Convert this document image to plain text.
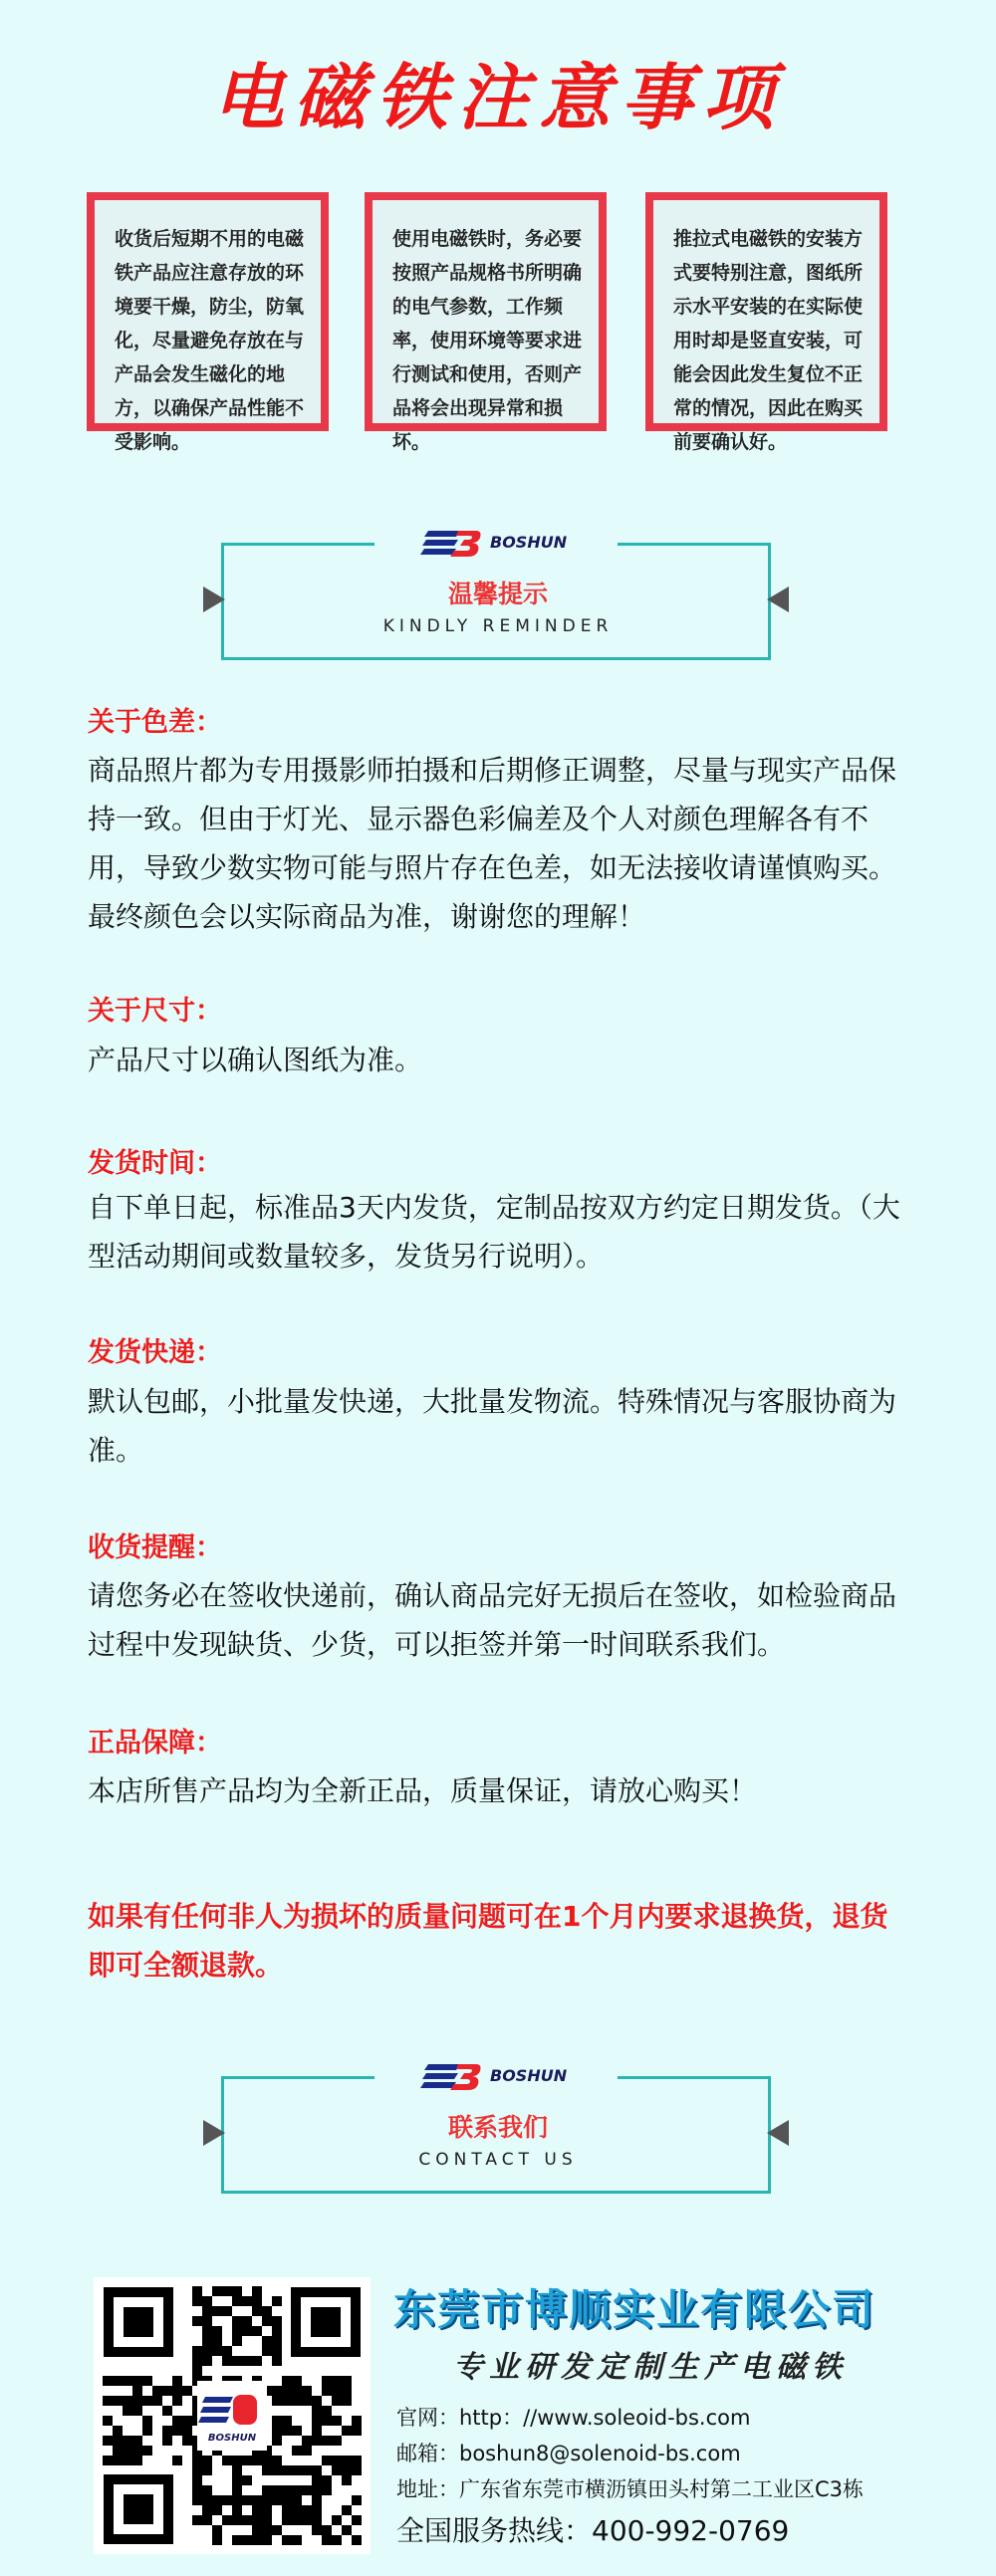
电磁铁注意事项
收货后短期不用的电磁铁产品应注意存放的环境要干燥，防尘，防氧化，尽量避免存放在与产品会发生磁化的地方，以确保产品性能不受影响。
使用电磁铁时，务必要按照产品规格书所明确的电气参数，工作频率，使用环境等要求进行测试和使用，否则产品将会出现异常和损坏。
推拉式电磁铁的安装方式要特别注意，图纸所示水平安装的在实际使用时却是竖直安装，可能会因此发生复位不正常的情况，因此在购买前要确认好。
BOSHUN
温馨提示
KINDLY REMINDER
关于色差：
商品照片都为专用摄影师拍摄和后期修正调整，尽量与现实产品保持一致。但由于灯光、显示器色彩偏差及个人对颜色理解各有不用，导致少数实物可能与照片存在色差，如无法接收请谨慎购买。最终颜色会以实际商品为准，谢谢您的理解！
关于尺寸：
产品尺寸以确认图纸为准。
发货时间：
自下单日起，标准品3天内发货，定制品按双方约定日期发货。（大型活动期间或数量较多，发货另行说明）。
发货快递：
默认包邮，小批量发快递，大批量发物流。特殊情况与客服协商为准。
收货提醒：
请您务必在签收快递前，确认商品完好无损后在签收，如检验商品过程中发现缺货、少货，可以拒签并第一时间联系我们。
正品保障：
本店所售产品均为全新正品，质量保证，请放心购买！
如果有任何非人为损坏的质量问题可在1个月内要求退换货，退货即可全额退款。
BOSHUN
联系我们
CONTACT US
BOSHUN
东莞市博顺实业有限公司
专业研发定制生产电磁铁
官网：http：//www.soleoid-bs.com
邮箱：boshun8@solenoid-bs.com
地址：广东省东莞市横沥镇田头村第二工业区C3栋
全国服务热线：400-992-0769
